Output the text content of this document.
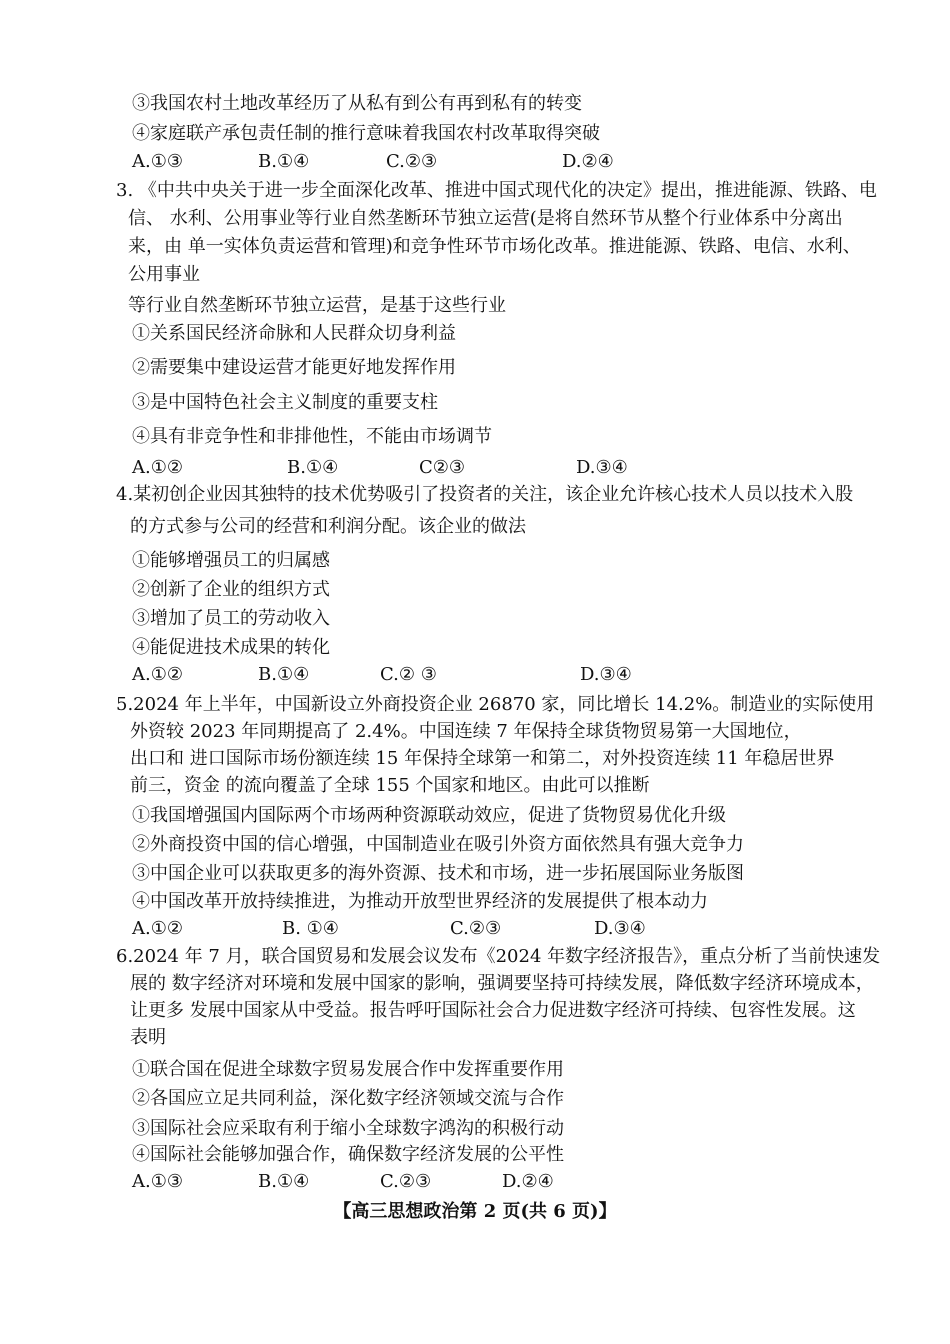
③我国农村土地改革经历了从私有到公有再到私有的转变
④家庭联产承包责任制的推行意味着我国农村改革取得突破
A.①③	B.①④	C.②③	D.②④
3. 《中共中央关于进一步全面深化改革、推进中国式现代化的决定》提出，推进能源、铁路、电
信、 水利、公用事业等行业自然垄断环节独立运营(是将自然环节从整个行业体系中分离出
来，由 单一实体负责运营和管理)和竞争性环节市场化改革。推进能源、铁路、电信、水利、
公用事业
等行业自然垄断环节独立运营，是基于这些行业
①关系国民经济命脉和人民群众切身利益
②需要集中建设运营才能更好地发挥作用
③是中国特色社会主义制度的重要支柱
④具有非竞争性和非排他性，不能由市场调节
A.①②	B.①④	C②③	D.③④
4.某初创企业因其独特的技术优势吸引了投资者的关注，该企业允许核心技术人员以技术入股
的方式参与公司的经营和利润分配。该企业的做法
①能够增强员工的归属感
②创新了企业的组织方式
③增加了员工的劳动收入
④能促进技术成果的转化
A.①②	B.①④	C.② ③	D.③④
5.2024 年上半年，中国新设立外商投资企业 26870 家，同比增长 14.2%。制造业的实际使用
外资较 2023 年同期提高了 2.4%。中国连续 7 年保持全球货物贸易第一大国地位，
出口和 进口国际市场份额连续 15 年保持全球第一和第二，对外投资连续 11 年稳居世界
前三，资金 的流向覆盖了全球 155 个国家和地区。由此可以推断
①我国增强国内国际两个市场两种资源联动效应，促进了货物贸易优化升级
②外商投资中国的信心增强，中国制造业在吸引外资方面依然具有强大竞争力
③中国企业可以获取更多的海外资源、技术和市场，进一步拓展国际业务版图
④中国改革开放持续推进，为推动开放型世界经济的发展提供了根本动力
A.①②	B. ①④	C.②③	D.③④
6.2024 年 7 月，联合国贸易和发展会议发布《2024 年数字经济报告》，重点分析了当前快速发
展的 数字经济对环境和发展中国家的影响，强调要坚持可持续发展，降低数字经济环境成本，
让更多 发展中国家从中受益。报告呼吁国际社会合力促进数字经济可持续、包容性发展。这
表明
①联合国在促进全球数字贸易发展合作中发挥重要作用
②各国应立足共同利益，深化数字经济领域交流与合作
③国际社会应采取有利于缩小全球数字鸿沟的积极行动
④国际社会能够加强合作，确保数字经济发展的公平性
A.①③	B.①④	C.②③	D.②④
【高三思想政治第 2 页(共 6 页)】
